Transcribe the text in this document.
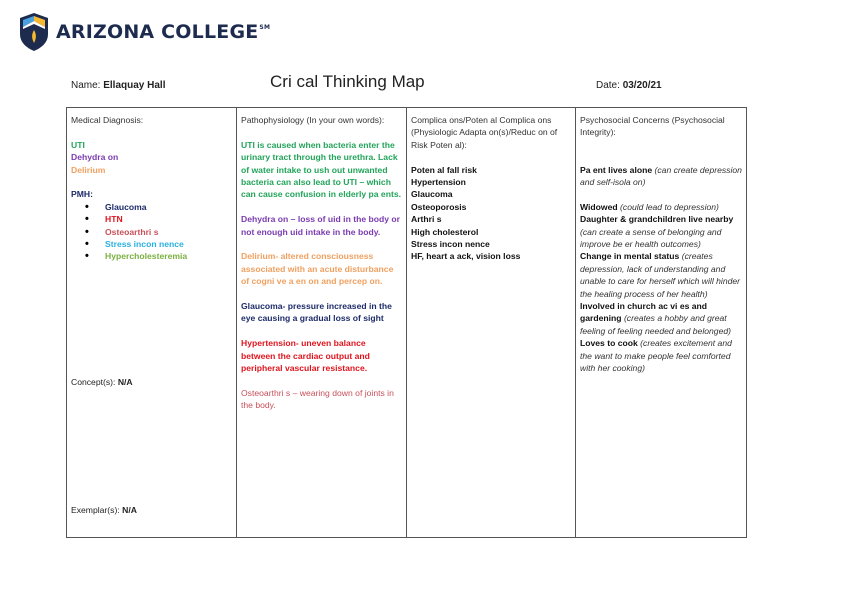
ARIZONA COLLEGE℠
Name: Ellaquay Hall	Cri cal Thinking Map	Date: 03/20/21
Medical Diagnosis:
UTI
Dehydra on
Delirium
PMH:
• Glaucoma
• HTN
• Osteoarthri s
• Stress incon nence
• Hypercholesteremia
Concept(s): N/A
Exemplar(s): N/A

Pathophysiology (In your own words):
UTI is caused when bacteria enter the urinary tract through the urethra. Lack of water intake to ush out unwanted bacteria can also lead to UTI – which can cause confusion in elderly pa ents.
Dehydra on – loss of uid in the body or not enough uid intake in the body.
Delirium- altered consciousness associated with an acute disturbance of cogni ve a en on and percep on.
Glaucoma- pressure increased in the eye causing a gradual loss of sight
Hypertension- uneven balance between the cardiac output and peripheral vascular resistance.
Osteoarthri s – wearing down of joints in the body.

Complica ons/Poten al Complica ons (Physiologic Adapta on(s)/Reduc on of Risk Poten al):
Poten al fall risk
Hypertension
Glaucoma
Osteoporosis
Arthri s
High cholesterol
Stress incon nence
HF, heart a ack, vision loss

Psychosocial Concerns (Psychosocial Integrity):
Pa ent lives alone (can create depression and self-isola on)
Widowed (could lead to depression)
Daughter & grandchildren live nearby (can create a sense of belonging and improve be er health outcomes)
Change in mental status (creates depression, lack of understanding and unable to care for herself which will hinder the healing process of her health)
Involved in church ac vi es and gardening (creates a hobby and great feeling of feeling needed and belonged)
Loves to cook (creates excitement and the want to make people feel comforted with her cooking)
